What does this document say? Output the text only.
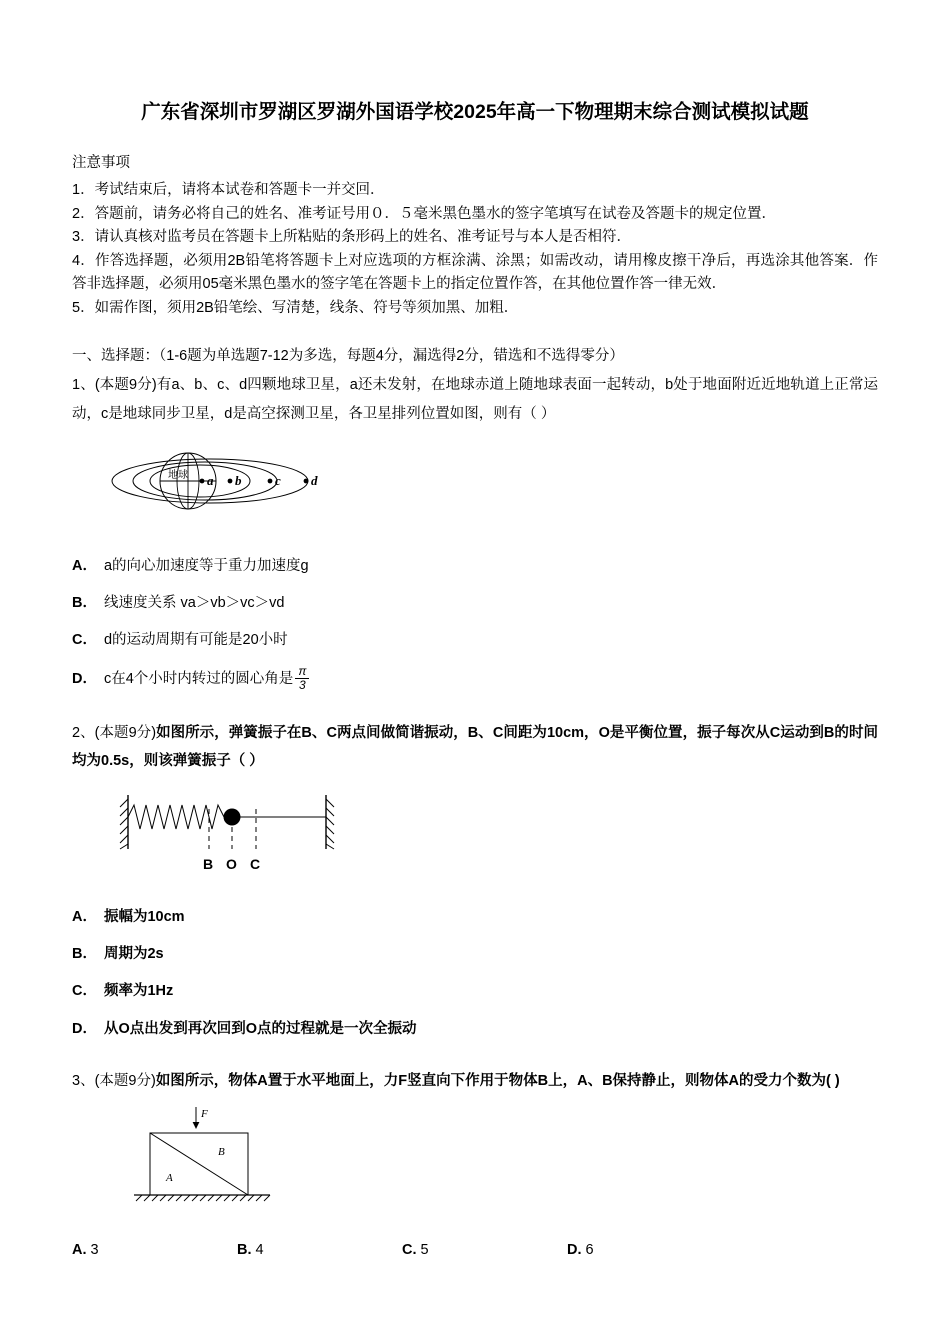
广东省深圳市罗湖区罗湖外国语学校2025年高一下物理期末综合测试模拟试题
注意事项

1．考试结束后，请将本试卷和答题卡一并交回．

2．答题前，请务必将自己的姓名、准考证号用０．５毫米黑色墨水的签字笔填写在试卷及答题卡的规定位置．

3．请认真核对监考员在答题卡上所粘贴的条形码上的姓名、准考证号与本人是否相符．

4．作答选择题，必须用2B铅笔将答题卡上对应选项的方框涂满、涂黑；如需改动，请用橡皮擦干净后，再选涂其他答案．作答非选择题，必须用05毫米黑色墨水的签字笔在答题卡上的指定位置作答，在其他位置作答一律无效．

5．如需作图，须用2B铅笔绘、写清楚，线条、符号等须加黑、加粗．

一、选择题：（1-6题为单选题7-12为多选，每题4分，漏选得2分，错选和不选得零分）

1、(本题9分)有a、b、c、d四颗地球卫星，a还未发射，在地球赤道上随地球表面一起转动，b处于地面附近近地轨道上正常运动，c是地球同步卫星，d是高空探测卫星，各卫星排列位置如图，则有（ ）

地球 a b	c d

A． a的向心加速度等于重力加速度g

B． 线速度关系 va＞vb＞vc＞vd

C． d的运动周期有可能是20小时

D． c在4个小时内转过的圆心角是 $\frac{\pi}{3}$

2、(本题9分)如图所示，弹簧振子在B、C两点间做简谐振动，B、C间距为10cm，O是平衡位置，振子每次从C运动到B的时间均为0.5s，则该弹簧振子（ ）

B O C

A． 振幅为10cm

B． 周期为2s

C． 频率为1Hz

D． 从O点出发到再次回到O点的过程就是一次全振动

3、(本题9分)如图所示，物体A置于水平地面上，力F竖直向下作用于物体B上，A、B保持静止，则物体A的受力个数为( )

F
B
A
A. 3	B. 4	C. 5	D. 6
